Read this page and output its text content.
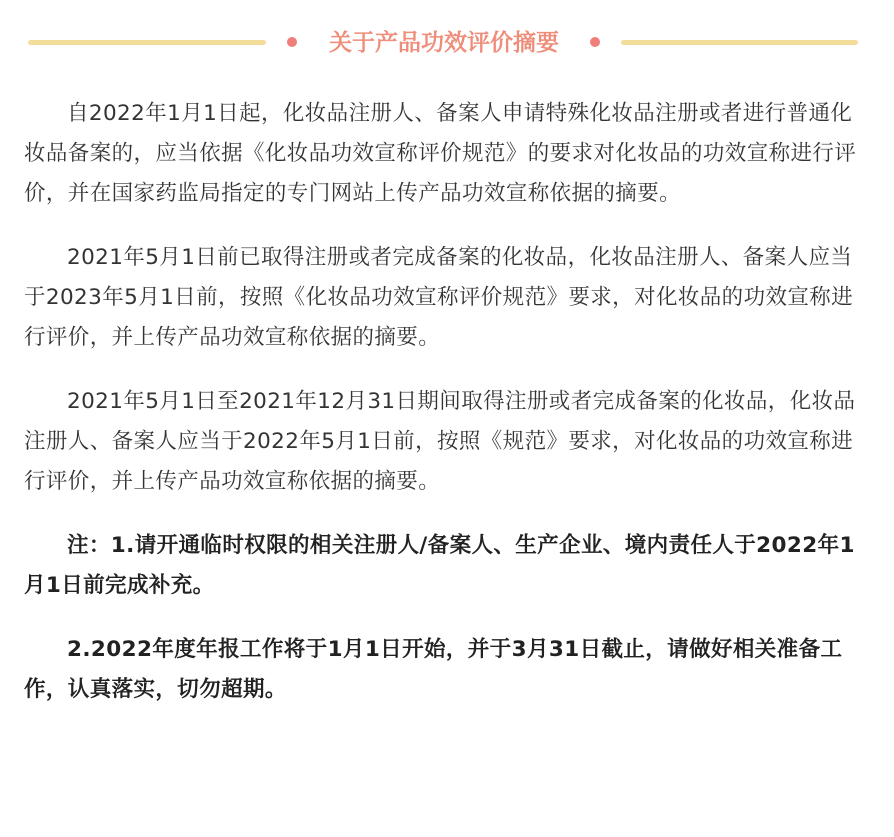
关于产品功效评价摘要

自2022年1月1日起，化妆品注册人、备案人申请特殊化妆品注册或者进行普通化妆品备案的，应当依据《化妆品功效宣称评价规范》的要求对化妆品的功效宣称进行评价，并在国家药监局指定的专门网站上传产品功效宣称依据的摘要。

2021年5月1日前已取得注册或者完成备案的化妆品，化妆品注册人、备案人应当于2023年5月1日前，按照《化妆品功效宣称评价规范》要求，对化妆品的功效宣称进行评价，并上传产品功效宣称依据的摘要。

2021年5月1日至2021年12月31日期间取得注册或者完成备案的化妆品，化妆品注册人、备案人应当于2022年5月1日前，按照《规范》要求，对化妆品的功效宣称进行评价，并上传产品功效宣称依据的摘要。

注：1.请开通临时权限的相关注册人/备案人、生产企业、境内责任人于2022年1月1日前完成补充。

2.2022年度年报工作将于1月1日开始，并于3月31日截止，请做好相关准备工作，认真落实，切勿超期。
